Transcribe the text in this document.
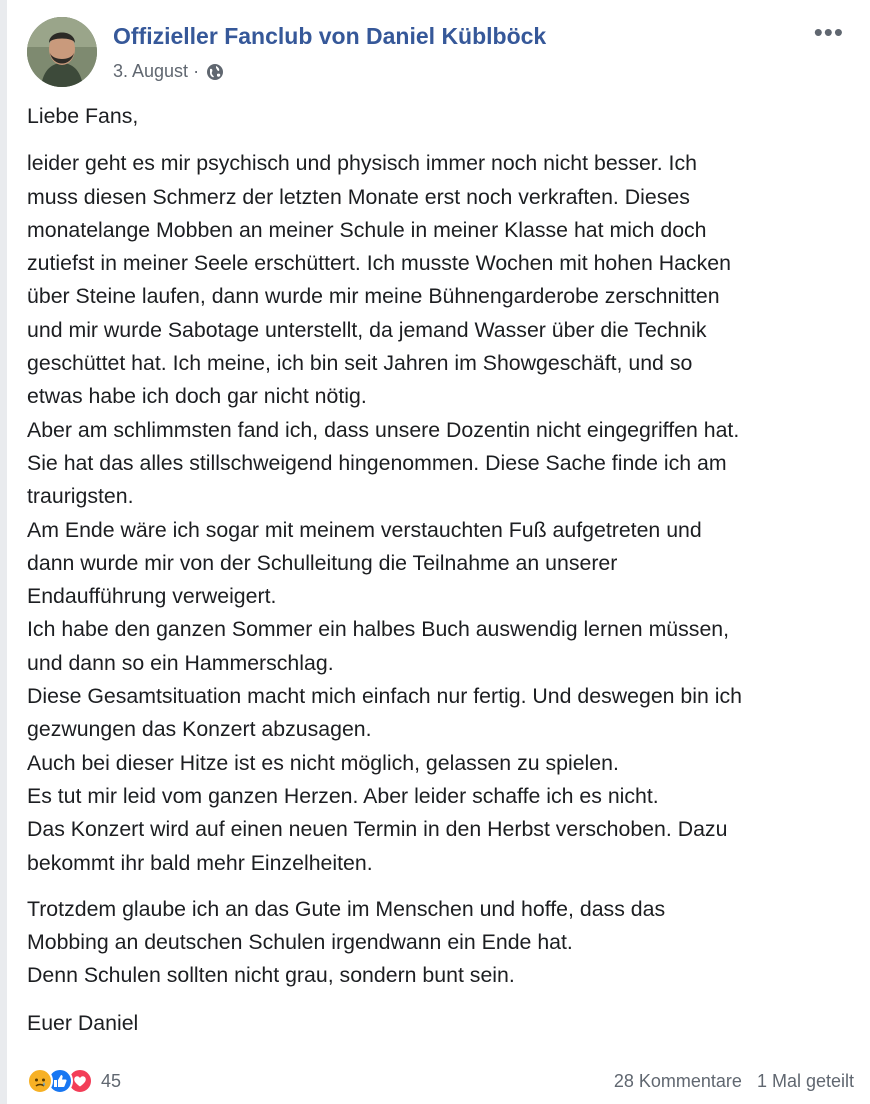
Offizieller Fanclub von Daniel Küblböck
3. August ·
•••

Liebe Fans,

leider geht es mir psychisch und physisch immer noch nicht besser. Ich

muss diesen Schmerz der letzten Monate erst noch verkraften. Dieses

monatelange Mobben an meiner Schule in meiner Klasse hat mich doch

zutiefst in meiner Seele erschüttert. Ich musste Wochen mit hohen Hacken

über Steine laufen, dann wurde mir meine Bühnengarderobe zerschnitten

und mir wurde Sabotage unterstellt, da jemand Wasser über die Technik

geschüttet hat. Ich meine, ich bin seit Jahren im Showgeschäft, und so

etwas habe ich doch gar nicht nötig.

Aber am schlimmsten fand ich, dass unsere Dozentin nicht eingegriffen hat.

Sie hat das alles stillschweigend hingenommen. Diese Sache finde ich am

traurigsten.

Am Ende wäre ich sogar mit meinem verstauchten Fuß aufgetreten und

dann wurde mir von der Schulleitung die Teilnahme an unserer

Endaufführung verweigert.

Ich habe den ganzen Sommer ein halbes Buch auswendig lernen müssen,

und dann so ein Hammerschlag.

Diese Gesamtsituation macht mich einfach nur fertig. Und deswegen bin ich

gezwungen das Konzert abzusagen.

Auch bei dieser Hitze ist es nicht möglich, gelassen zu spielen.

Es tut mir leid vom ganzen Herzen. Aber leider schaffe ich es nicht.

Das Konzert wird auf einen neuen Termin in den Herbst verschoben. Dazu

bekommt ihr bald mehr Einzelheiten.

Trotzdem glaube ich an das Gute im Menschen und hoffe, dass das

Mobbing an deutschen Schulen irgendwann ein Ende hat.

Denn Schulen sollten nicht grau, sondern bunt sein.

Euer Daniel

45	28 Kommentare 1 Mal geteilt
